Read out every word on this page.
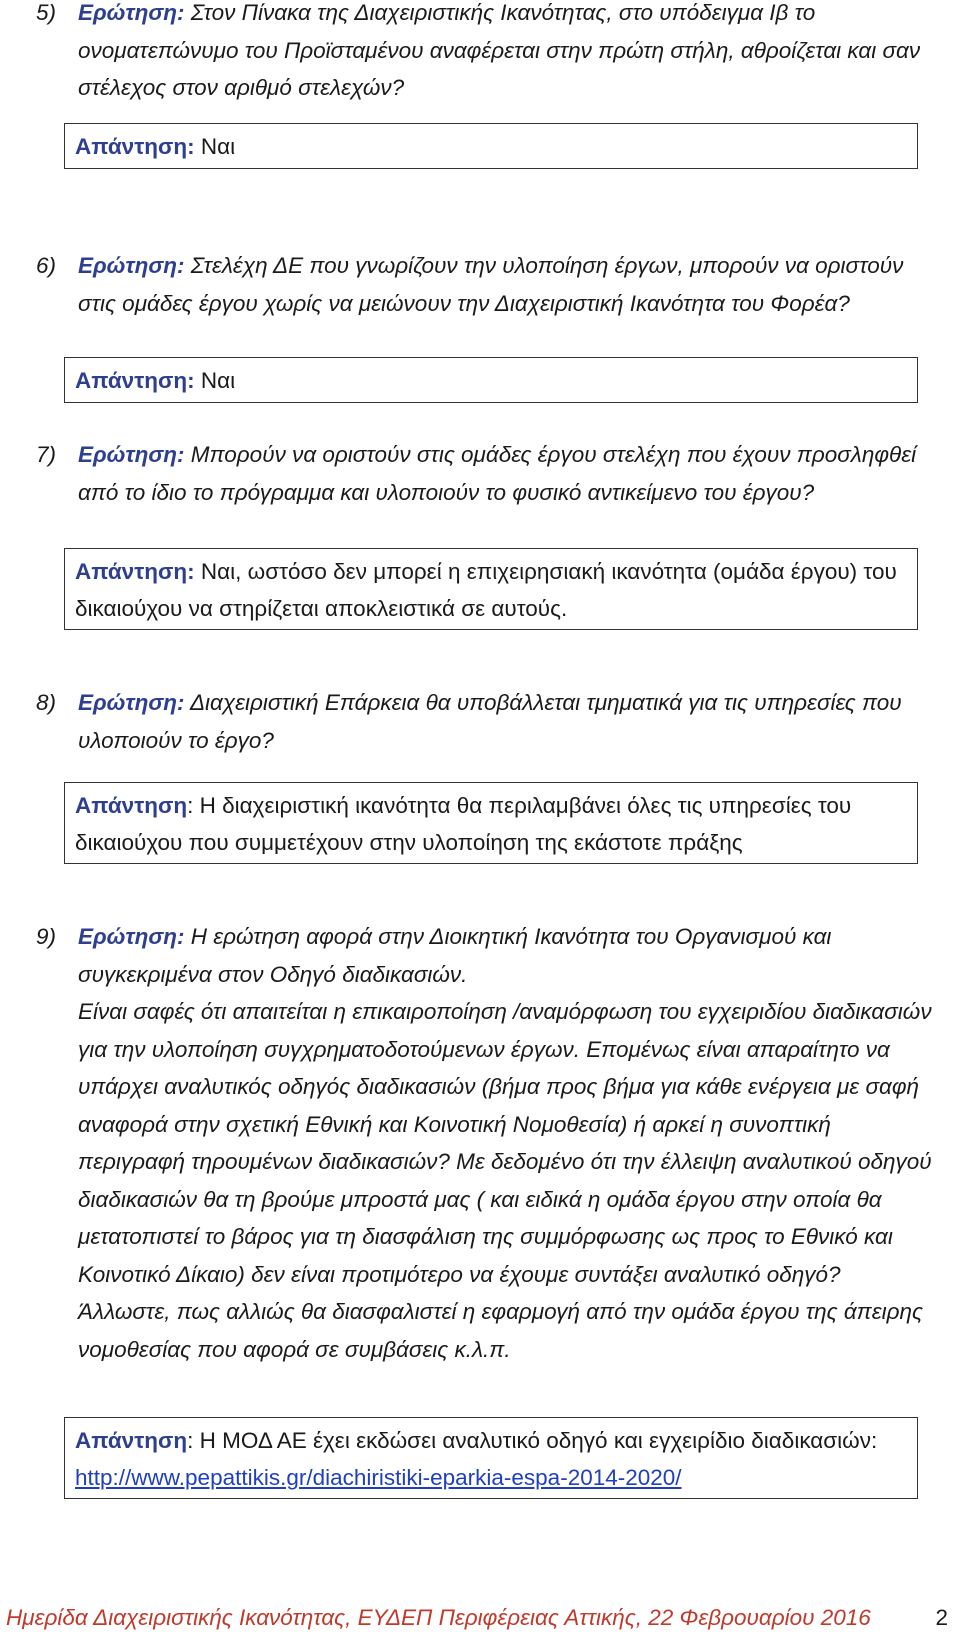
5) Ερώτηση: Στον Πίνακα της Διαχειριστικής Ικανότητας, στο υπόδειγμα Ιβ το ονοματεπώνυμο του Προϊσταμένου αναφέρεται στην πρώτη στήλη, αθροίζεται και σαν στέλεχος στον αριθμό στελεχών?
Απάντηση: Ναι
6) Ερώτηση: Στελέχη ΔΕ που γνωρίζουν την υλοποίηση έργων, μπορούν να οριστούν στις ομάδες έργου χωρίς να μειώνουν την Διαχειριστική Ικανότητα του Φορέα?
Απάντηση: Ναι
7) Ερώτηση: Μπορούν να οριστούν στις ομάδες έργου στελέχη που έχουν προσληφθεί από το ίδιο το πρόγραμμα και υλοποιούν το φυσικό αντικείμενο του έργου?
Απάντηση: Ναι, ωστόσο δεν μπορεί η επιχειρησιακή ικανότητα (ομάδα έργου) του δικαιούχου να στηρίζεται αποκλειστικά σε αυτούς.
8) Ερώτηση: Διαχειριστική Επάρκεια θα υποβάλλεται τμηματικά για τις υπηρεσίες που υλοποιούν το έργο?
Απάντηση: Η διαχειριστική ικανότητα θα περιλαμβάνει όλες τις υπηρεσίες του δικαιούχου που συμμετέχουν στην υλοποίηση της εκάστοτε πράξης
9) Ερώτηση: Η ερώτηση αφορά στην Διοικητική Ικανότητα του Οργανισμού και συγκεκριμένα στον Οδηγό διαδικασιών.
Είναι σαφές ότι απαιτείται η επικαιροποίηση /αναμόρφωση του εγχειριδίου διαδικασιών για την υλοποίηση συγχρηματοδοτούμενων έργων. Επομένως είναι απαραίτητο να υπάρχει αναλυτικός οδηγός διαδικασιών (βήμα προς βήμα για κάθε ενέργεια με σαφή αναφορά στην σχετική Εθνική και Κοινοτική Νομοθεσία) ή αρκεί η συνοπτική περιγραφή τηρουμένων διαδικασιών? Με δεδομένο ότι την έλλειψη αναλυτικού οδηγού διαδικασιών θα τη βρούμε μπροστά μας ( και ειδικά η ομάδα έργου στην οποία θα μετατοπιστεί το βάρος για τη διασφάλιση της συμμόρφωσης ως προς το Εθνικό και Κοινοτικό Δίκαιο) δεν είναι προτιμότερο να έχουμε συντάξει αναλυτικό οδηγό? Άλλωστε, πως αλλιώς θα διασφαλιστεί η εφαρμογή από την ομάδα έργου της άπειρης νομοθεσίας που αφορά σε συμβάσεις κ.λ.π.
Απάντηση: Η ΜΟΔ ΑΕ έχει εκδώσει αναλυτικό οδηγό και εγχειρίδιο διαδικασιών: http://www.pepattikis.gr/diachiristiki-eparkia-espa-2014-2020/
Ημερίδα Διαχειριστικής Ικανότητας, ΕΥΔΕΠ Περιφέρειας Αττικής, 22 Φεβρουαρίου 2016	2
